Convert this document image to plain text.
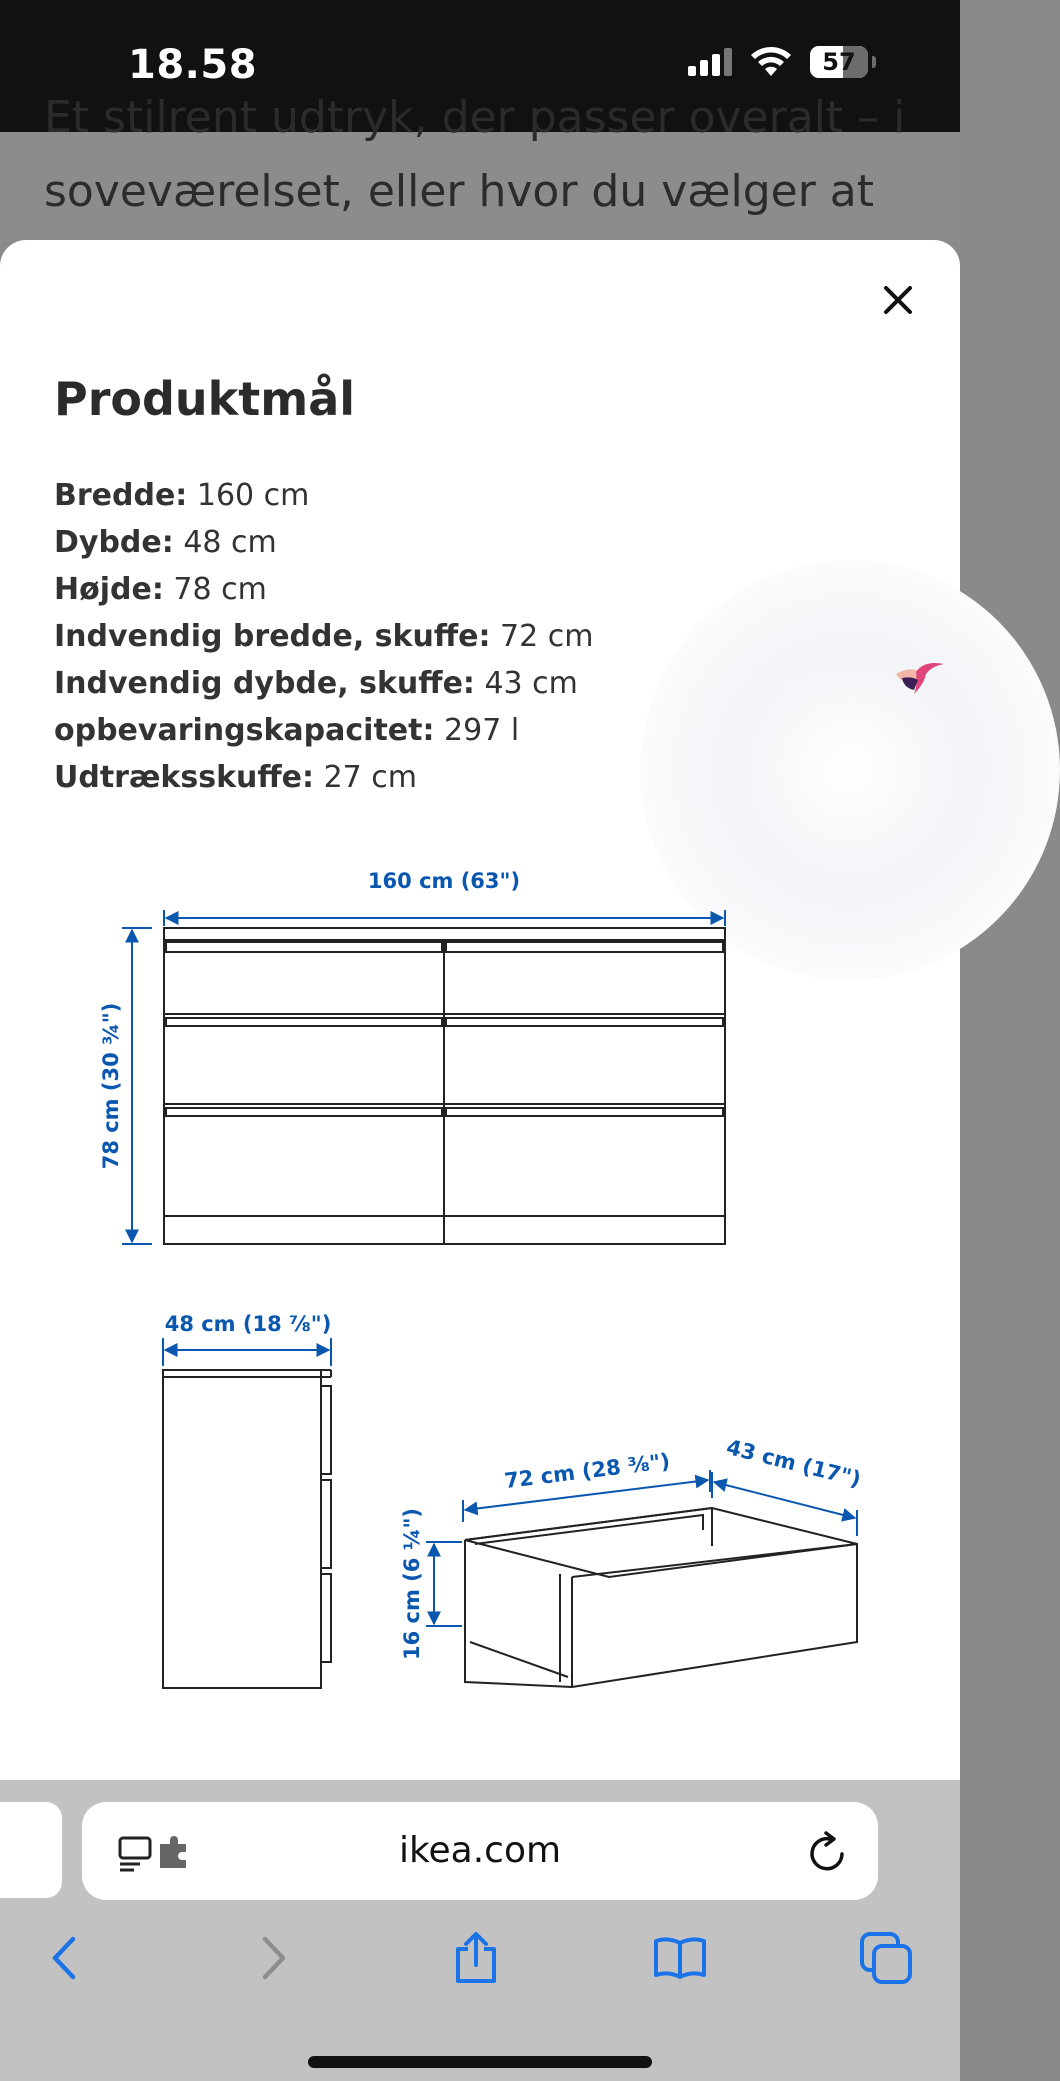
18.58	57
Et stilrent udtryk, der passer overalt – i
soveværelset, eller hvor du vælger at
Produktmål
Bredde: 160 cm
Dybde: 48 cm
Højde: 78 cm
Indvendig bredde, skuffe: 72 cm
Indvendig dybde, skuffe: 43 cm
opbevaringskapacitet: 297 l
Udtræksskuffe: 27 cm
160 cm (63")
78 cm (30 ¾")
48 cm (18 ⅞")
72 cm (28 ⅜")	43 cm (17")
16 cm (6 ¼")
ikea.com
